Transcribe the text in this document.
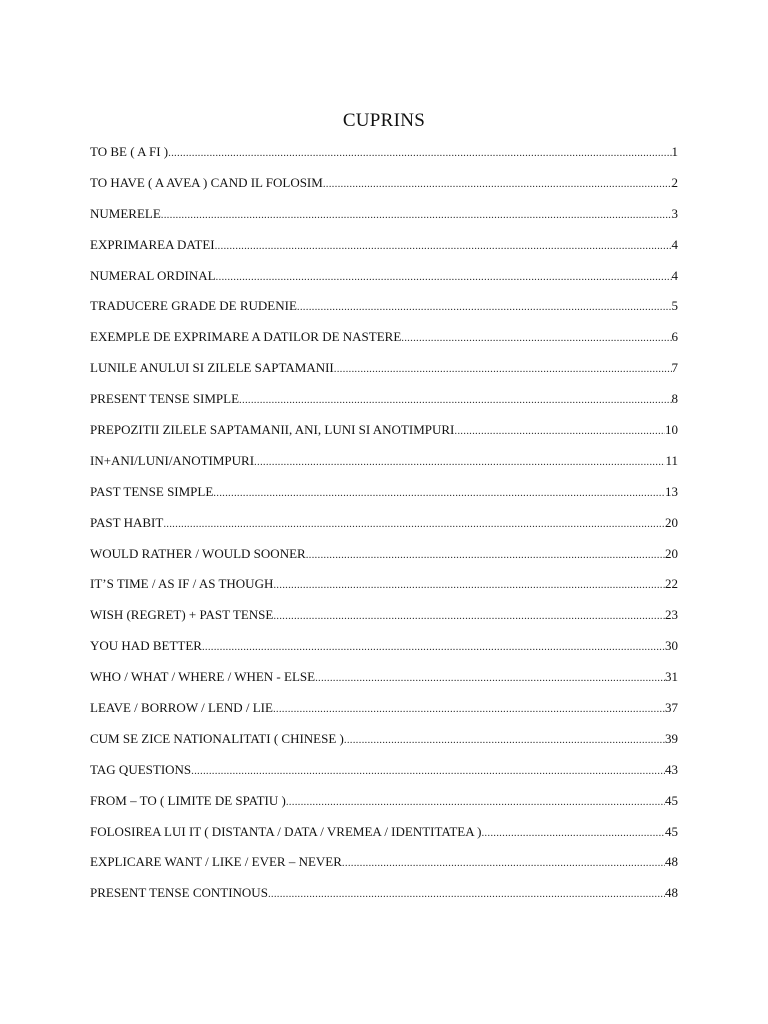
CUPRINS
TO BE ( A FI ) .....	1
TO HAVE ( A AVEA ) CAND IL FOLOSIM .....	2
NUMERELE .....	3
EXPRIMAREA DATEI .....	4
NUMERAL ORDINAL .....	4
TRADUCERE GRADE DE RUDENIE .....	5
EXEMPLE DE EXPRIMARE A DATILOR DE NASTERE .....	6
LUNILE ANULUI SI ZILELE SAPTAMANII .....	7
PRESENT TENSE SIMPLE .....	8
PREPOZITII ZILELE SAPTAMANII, ANI, LUNI SI ANOTIMPURI .....	10
IN+ANI/LUNI/ANOTIMPURI .....	11
PAST TENSE SIMPLE .....	13
PAST HABIT .....	20
WOULD RATHER / WOULD SOONER .....	20
IT’S TIME / AS IF / AS THOUGH .....	22
WISH (REGRET) + PAST TENSE .....	23
YOU HAD BETTER .....	30
WHO / WHAT / WHERE / WHEN - ELSE .....	31
LEAVE / BORROW / LEND / LIE .....	37
CUM SE ZICE NATIONALITATI ( CHINESE ) .....	39
TAG QUESTIONS .....	43
FROM – TO ( LIMITE DE SPATIU ) .....	45
FOLOSIREA LUI IT ( DISTANTA / DATA / VREMEA / IDENTITATEA ) .....	45
EXPLICARE WANT / LIKE / EVER – NEVER .....	48
PRESENT TENSE CONTINOUS .....	48
